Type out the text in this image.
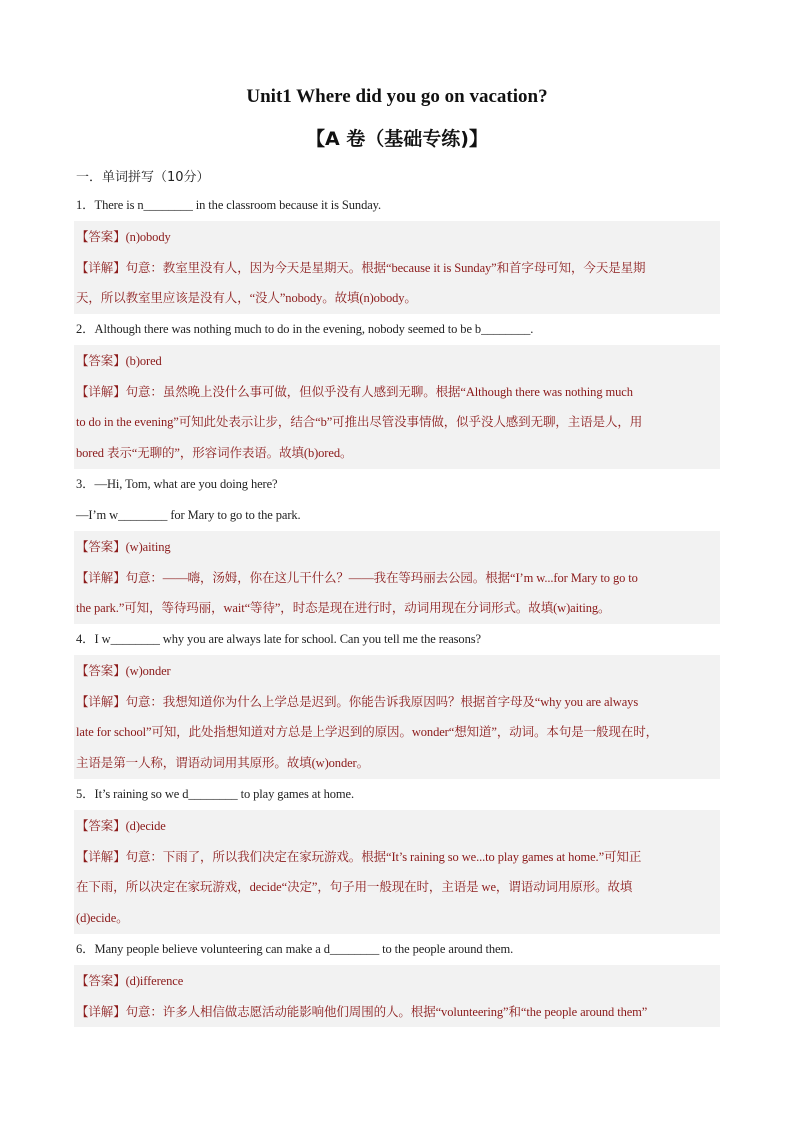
Unit1 Where did you go on vacation?
【A 卷（基础专练)】
一．单词拼写（10分）
1．There is n________ in the classroom because it is Sunday.
【答案】(n)obody
【详解】句意：教室里没有人，因为今天是星期天。根据“because it is Sunday”和首字母可知，今天是星期
天，所以教室里应该是没有人，“没人”nobody。故填(n)obody。
2．Although there was nothing much to do in the evening, nobody seemed to be b________.
【答案】(b)ored
【详解】句意：虽然晚上没什么事可做，但似乎没有人感到无聊。根据“Although there was nothing much
to do in the evening”可知此处表示让步，结合“b”可推出尽管没事情做，似乎没人感到无聊，主语是人，用
bored 表示“无聊的”，形容词作表语。故填(b)ored。
3．—Hi, Tom, what are you doing here?
—I’m w________ for Mary to go to the park.
【答案】(w)aiting
【详解】句意：——嗨，汤姆，你在这儿干什么？——我在等玛丽去公园。根据“I’m w...for Mary to go to
the park.”可知，等待玛丽，wait“等待”，时态是现在进行时，动词用现在分词形式。故填(w)aiting。
4．I w________ why you are always late for school. Can you tell me the reasons?
【答案】(w)onder
【详解】句意：我想知道你为什么上学总是迟到。你能告诉我原因吗？根据首字母及“why you are always
late for school”可知，此处指想知道对方总是上学迟到的原因。wonder“想知道”，动词。本句是一般现在时，
主语是第一人称，谓语动词用其原形。故填(w)onder。
5．It’s raining so we d________ to play games at home.
【答案】(d)ecide
【详解】句意：下雨了，所以我们决定在家玩游戏。根据“It’s raining so we...to play games at home.”可知正
在下雨，所以决定在家玩游戏，decide“决定”，句子用一般现在时，主语是 we，谓语动词用原形。故填
(d)ecide。
6．Many people believe volunteering can make a d________ to the people around them.
【答案】(d)ifference
【详解】句意：许多人相信做志愿活动能影响他们周围的人。根据“volunteering”和“the people around them”
